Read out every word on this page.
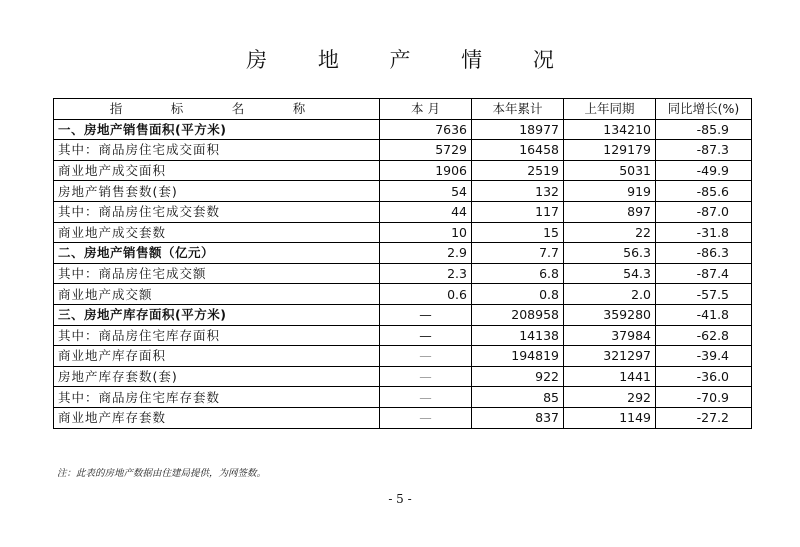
房 地 产 情 况
指　标　名　称	本 月	本年累计	上年同期	同比增长(%)
一、房地产销售面积(平方米)	7636	18977	134210	-85.9
其中：商品房住宅成交面积	5729	16458	129179	-87.3
商业地产成交面积	1906	2519	5031	-49.9
房地产销售套数(套)	54	132	919	-85.6
其中：商品房住宅成交套数	44	117	897	-87.0
商业地产成交套数	10	15	22	-31.8
二、房地产销售额（亿元）	2.9	7.7	56.3	-86.3
其中：商品房住宅成交额	2.3	6.8	54.3	-87.4
商业地产成交额	0.6	0.8	2.0	-57.5
三、房地产库存面积(平方米)	—	208958	359280	-41.8
其中：商品房住宅库存面积	—	14138	37984	-62.8
商业地产库存面积	—	194819	321297	-39.4
房地产库存套数(套)	—	922	1441	-36.0
其中：商品房住宅库存套数	—	85	292	-70.9
商业地产库存套数	—	837	1149	-27.2
注：此表的房地产数据由住建局提供，为网签数。
- 5 -
